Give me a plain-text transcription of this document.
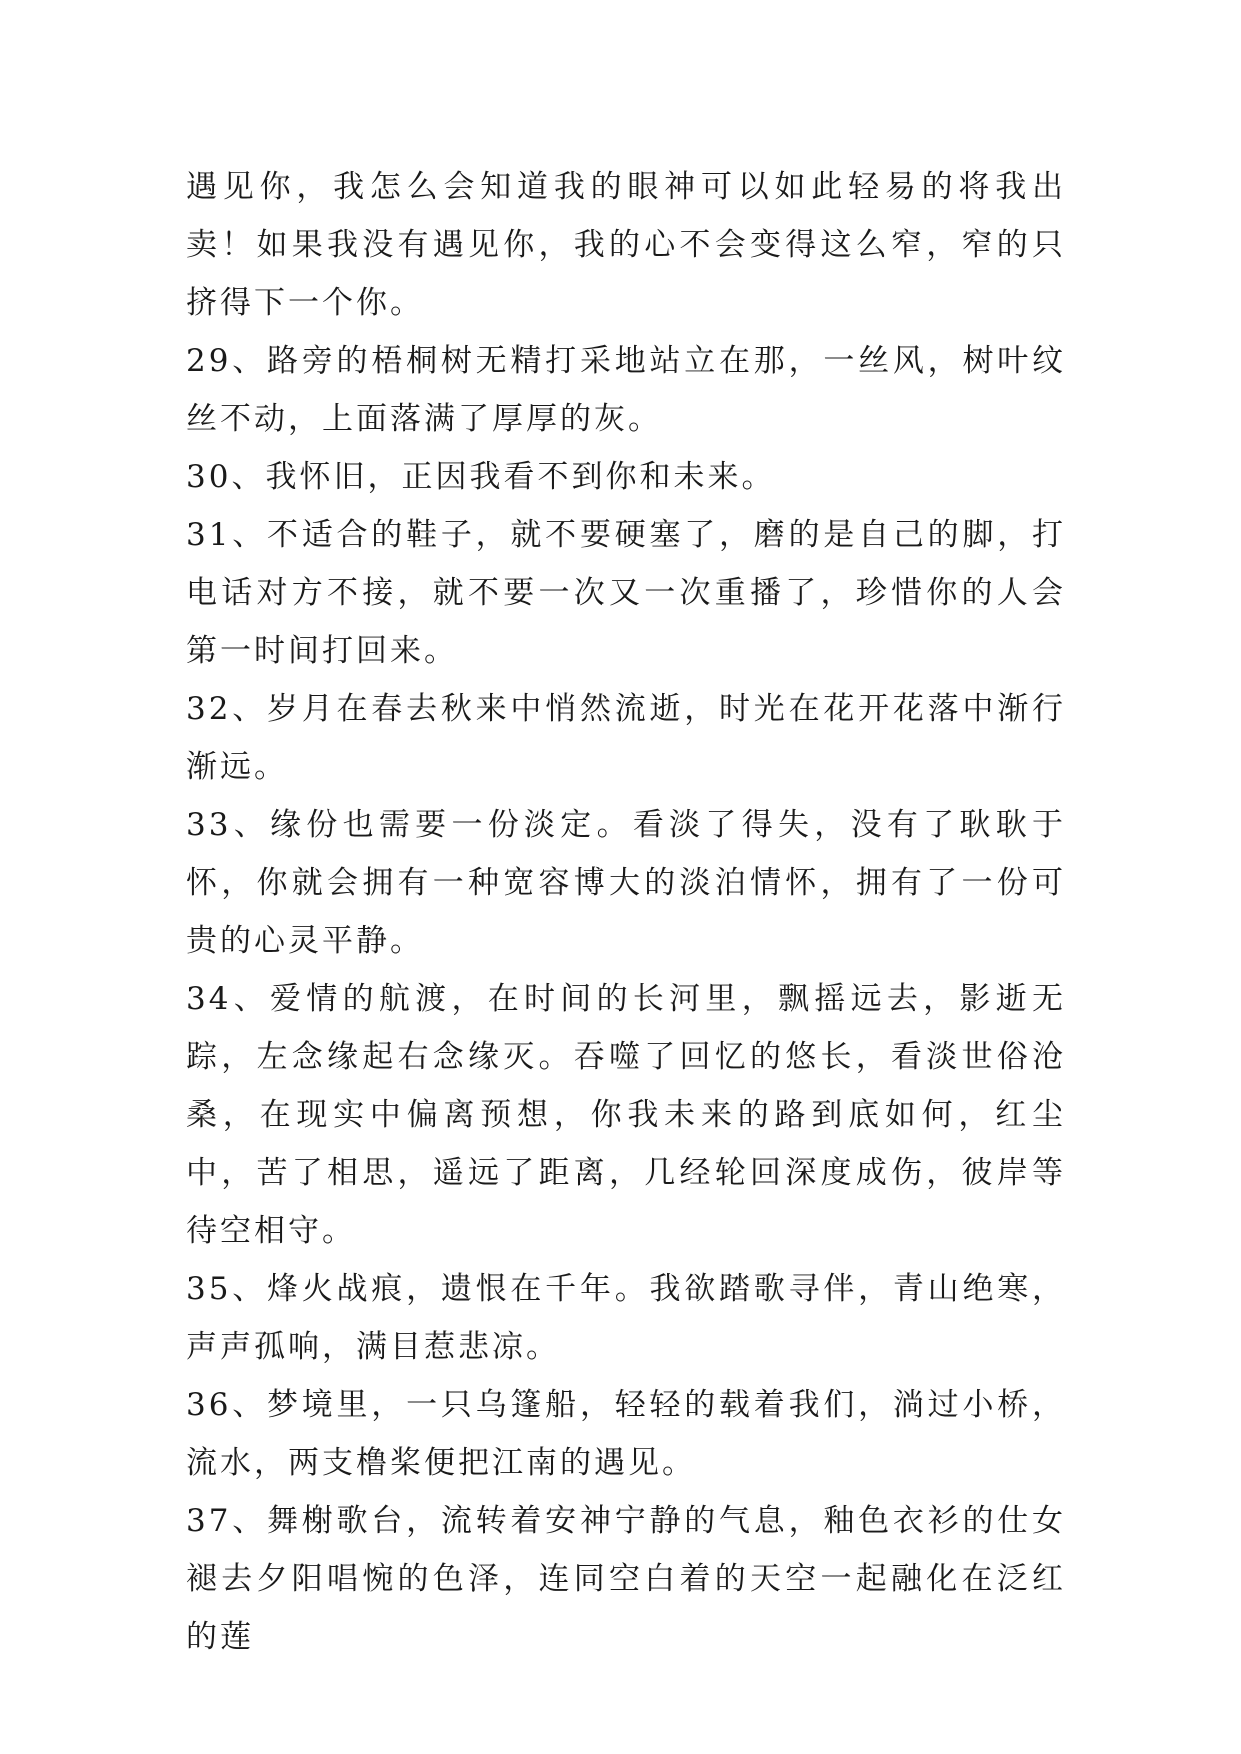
遇见你，我怎么会知道我的眼神可以如此轻易的将我出卖！如果我没有遇见你，我的心不会变得这么窄，窄的只挤得下一个你。

29、路旁的梧桐树无精打采地站立在那，一丝风，树叶纹丝不动，上面落满了厚厚的灰。

30、我怀旧，正因我看不到你和未来。

31、不适合的鞋子，就不要硬塞了，磨的是自己的脚，打电话对方不接，就不要一次又一次重播了，珍惜你的人会第一时间打回来。

32、岁月在春去秋来中悄然流逝，时光在花开花落中渐行渐远。

33、缘份也需要一份淡定。看淡了得失，没有了耿耿于怀，你就会拥有一种宽容博大的淡泊情怀，拥有了一份可贵的心灵平静。

34、爱情的航渡，在时间的长河里，飘摇远去，影逝无踪，左念缘起右念缘灭。吞噬了回忆的悠长，看淡世俗沧桑，在现实中偏离预想，你我未来的路到底如何，红尘中，苦了相思，遥远了距离，几经轮回深度成伤，彼岸等待空相守。

35、烽火战痕，遗恨在千年。我欲踏歌寻伴，青山绝寒，声声孤响，满目惹悲凉。

36、梦境里，一只乌篷船，轻轻的载着我们，淌过小桥，流水，两支橹桨便把江南的遇见。

37、舞榭歌台，流转着安神宁静的气息，釉色衣衫的仕女褪去夕阳唱惋的色泽，连同空白着的天空一起融化在泛红的莲
